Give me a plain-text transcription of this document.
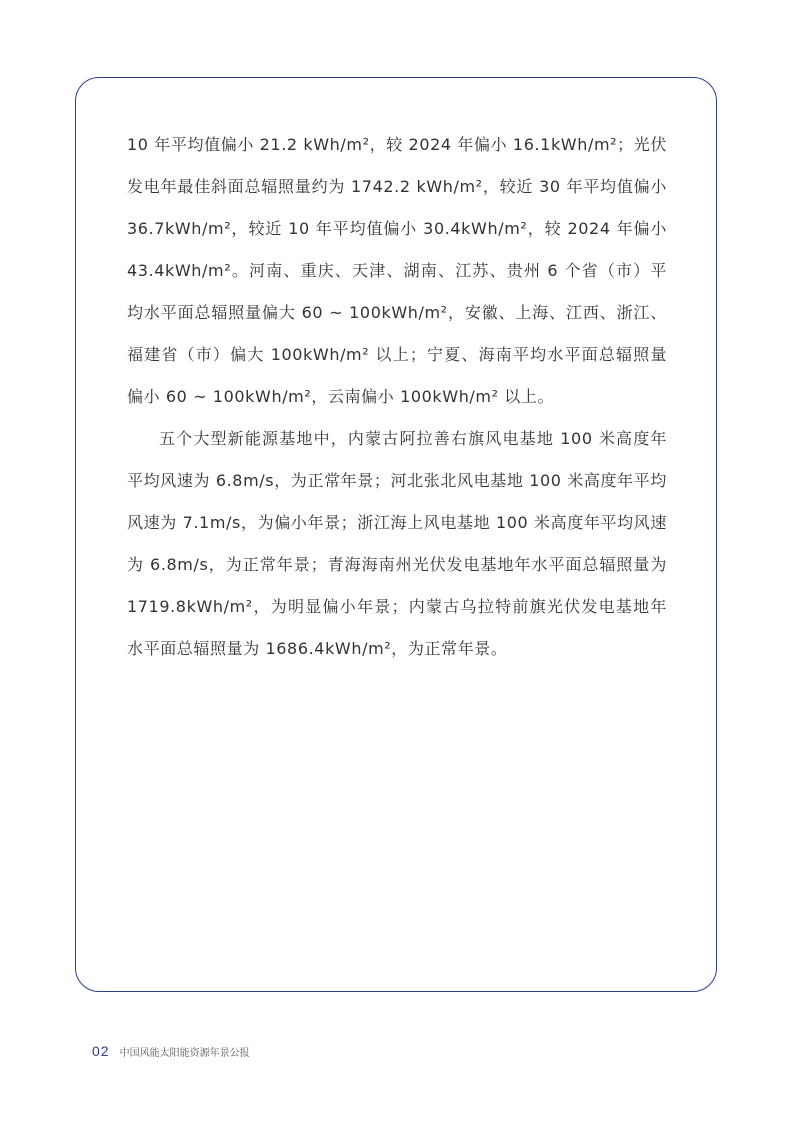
10 年平均值偏小 21.2 kWh/m²，较 2024 年偏小 16.1kWh/m²；光伏发电年最佳斜面总辐照量约为 1742.2 kWh/m²，较近 30 年平均值偏小 36.7kWh/m²，较近 10 年平均值偏小 30.4kWh/m²，较 2024 年偏小 43.4kWh/m²。河南、重庆、天津、湖南、江苏、贵州 6 个省（市）平均水平面总辐照量偏大 60 ~ 100kWh/m²，安徽、上海、江西、浙江、福建省（市）偏大 100kWh/m² 以上；宁夏、海南平均水平面总辐照量偏小 60 ~ 100kWh/m²，云南偏小 100kWh/m² 以上。

五个大型新能源基地中，内蒙古阿拉善右旗风电基地 100 米高度年平均风速为 6.8m/s，为正常年景；河北张北风电基地 100 米高度年平均风速为 7.1m/s，为偏小年景；浙江海上风电基地 100 米高度年平均风速为 6.8m/s，为正常年景；青海海南州光伏发电基地年水平面总辐照量为 1719.8kWh/m²，为明显偏小年景；内蒙古乌拉特前旗光伏发电基地年水平面总辐照量为 1686.4kWh/m²，为正常年景。

02 中国风能太阳能资源年景公报
